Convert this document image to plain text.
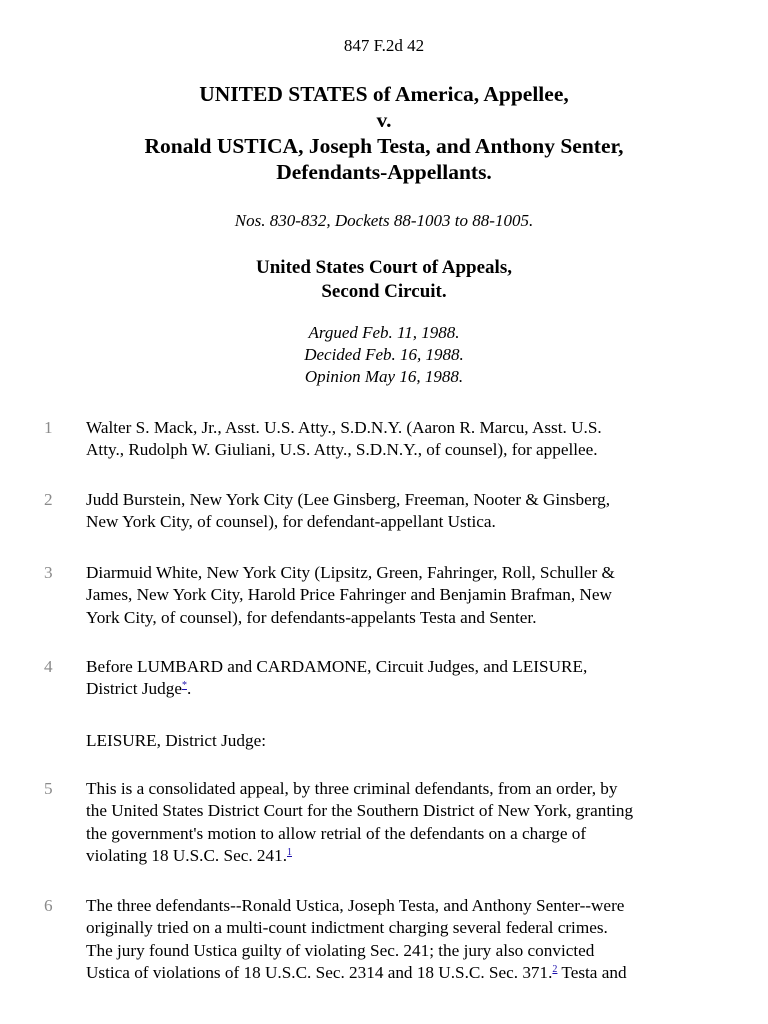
847 F.2d 42
UNITED STATES of America, Appellee,
v.
Ronald USTICA, Joseph Testa, and Anthony Senter,
Defendants-Appellants.
Nos. 830-832, Dockets 88-1003 to 88-1005.
United States Court of Appeals,
Second Circuit.
Argued Feb. 11, 1988.
Decided Feb. 16, 1988.
Opinion May 16, 1988.
1 Walter S. Mack, Jr., Asst. U.S. Atty., S.D.N.Y. (Aaron R. Marcu, Asst. U.S.
Atty., Rudolph W. Giuliani, U.S. Atty., S.D.N.Y., of counsel), for appellee.
2 Judd Burstein, New York City (Lee Ginsberg, Freeman, Nooter & Ginsberg,
New York City, of counsel), for defendant-appellant Ustica.
3 Diarmuid White, New York City (Lipsitz, Green, Fahringer, Roll, Schuller &
James, New York City, Harold Price Fahringer and Benjamin Brafman, New
York City, of counsel), for defendants-appelants Testa and Senter.
4 Before LUMBARD and CARDAMONE, Circuit Judges, and LEISURE,
District Judge*.
LEISURE, District Judge:
5 This is a consolidated appeal, by three criminal defendants, from an order, by
the United States District Court for the Southern District of New York, granting
the government's motion to allow retrial of the defendants on a charge of
violating 18 U.S.C. Sec. 241.$^1$
6 The three defendants--Ronald Ustica, Joseph Testa, and Anthony Senter--were
originally tried on a multi-count indictment charging several federal crimes.
The jury found Ustica guilty of violating Sec. 241; the jury also convicted
Ustica of violations of 18 U.S.C. Sec. 2314 and 18 U.S.C. Sec. 371.$^2$ Testa and
